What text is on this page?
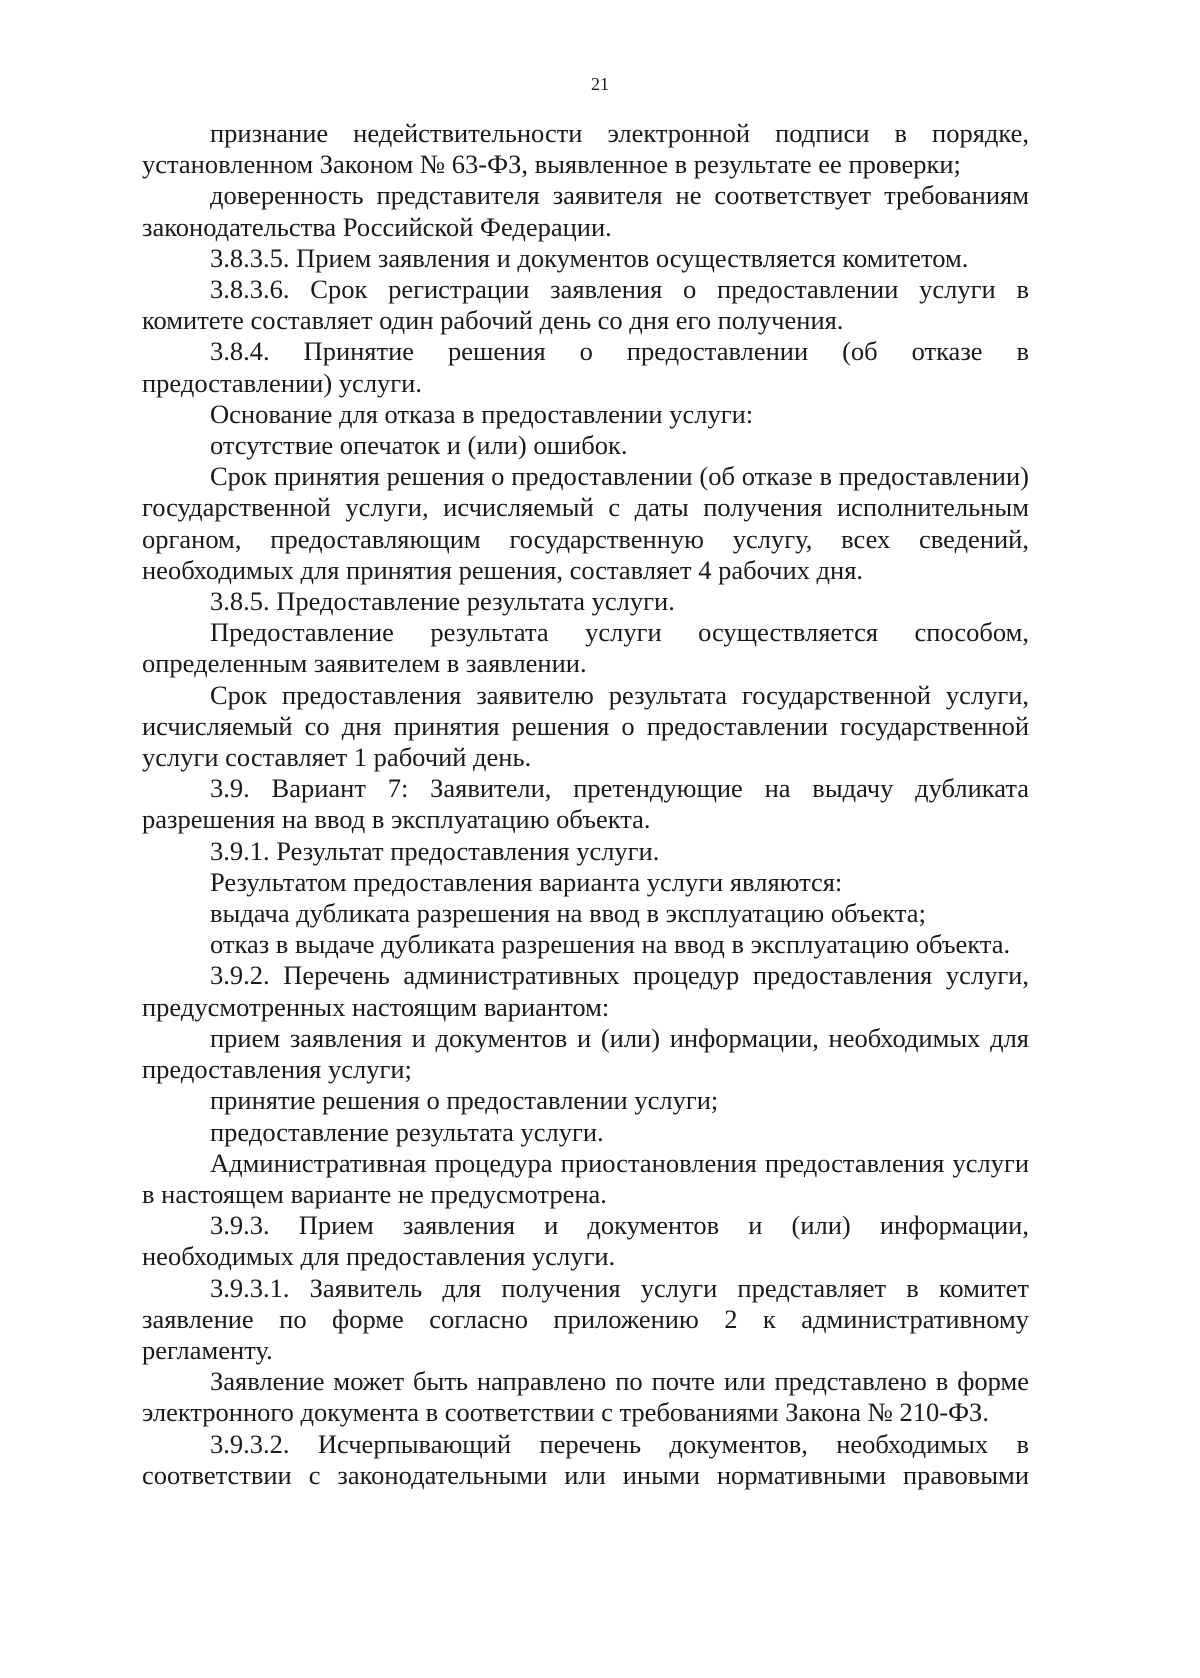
21

признание недействительности электронной подписи в порядке, установленном Законом № 63-ФЗ, выявленное в результате ее проверки;

доверенность представителя заявителя не соответствует требованиям законодательства Российской Федерации.

3.8.3.5. Прием заявления и документов осуществляется комитетом.

3.8.3.6. Срок регистрации заявления о предоставлении услуги в комитете составляет один рабочий день со дня его получения.

3.8.4. Принятие решения о предоставлении (об отказе в предоставлении) услуги.

Основание для отказа в предоставлении услуги:

отсутствие опечаток и (или) ошибок.

Срок принятия решения о предоставлении (об отказе в предоставлении) государственной услуги, исчисляемый с даты получения исполнительным органом, предоставляющим государственную услугу, всех сведений, необходимых для принятия решения, составляет 4 рабочих дня.

3.8.5. Предоставление результата услуги.

Предоставление результата услуги осуществляется способом, определенным заявителем в заявлении.

Срок предоставления заявителю результата государственной услуги, исчисляемый со дня принятия решения о предоставлении государственной услуги составляет 1 рабочий день.

3.9. Вариант 7: Заявители, претендующие на выдачу дубликата разрешения на ввод в эксплуатацию объекта.

3.9.1. Результат предоставления услуги.

Результатом предоставления варианта услуги являются:

выдача дубликата разрешения на ввод в эксплуатацию объекта;

отказ в выдаче дубликата разрешения на ввод в эксплуатацию объекта.

3.9.2. Перечень административных процедур предоставления услуги, предусмотренных настоящим вариантом:

прием заявления и документов и (или) информации, необходимых для предоставления услуги;

принятие решения о предоставлении услуги;

предоставление результата услуги.

Административная процедура приостановления предоставления услуги в настоящем варианте не предусмотрена.

3.9.3. Прием заявления и документов и (или) информации, необходимых для предоставления услуги.

3.9.3.1. Заявитель для получения услуги представляет в комитет заявление по форме согласно приложению 2 к административному регламенту.

Заявление может быть направлено по почте или представлено в форме электронного документа в соответствии с требованиями Закона № 210-ФЗ.

3.9.3.2. Исчерпывающий перечень документов, необходимых в соответствии с законодательными или иными нормативными правовыми
